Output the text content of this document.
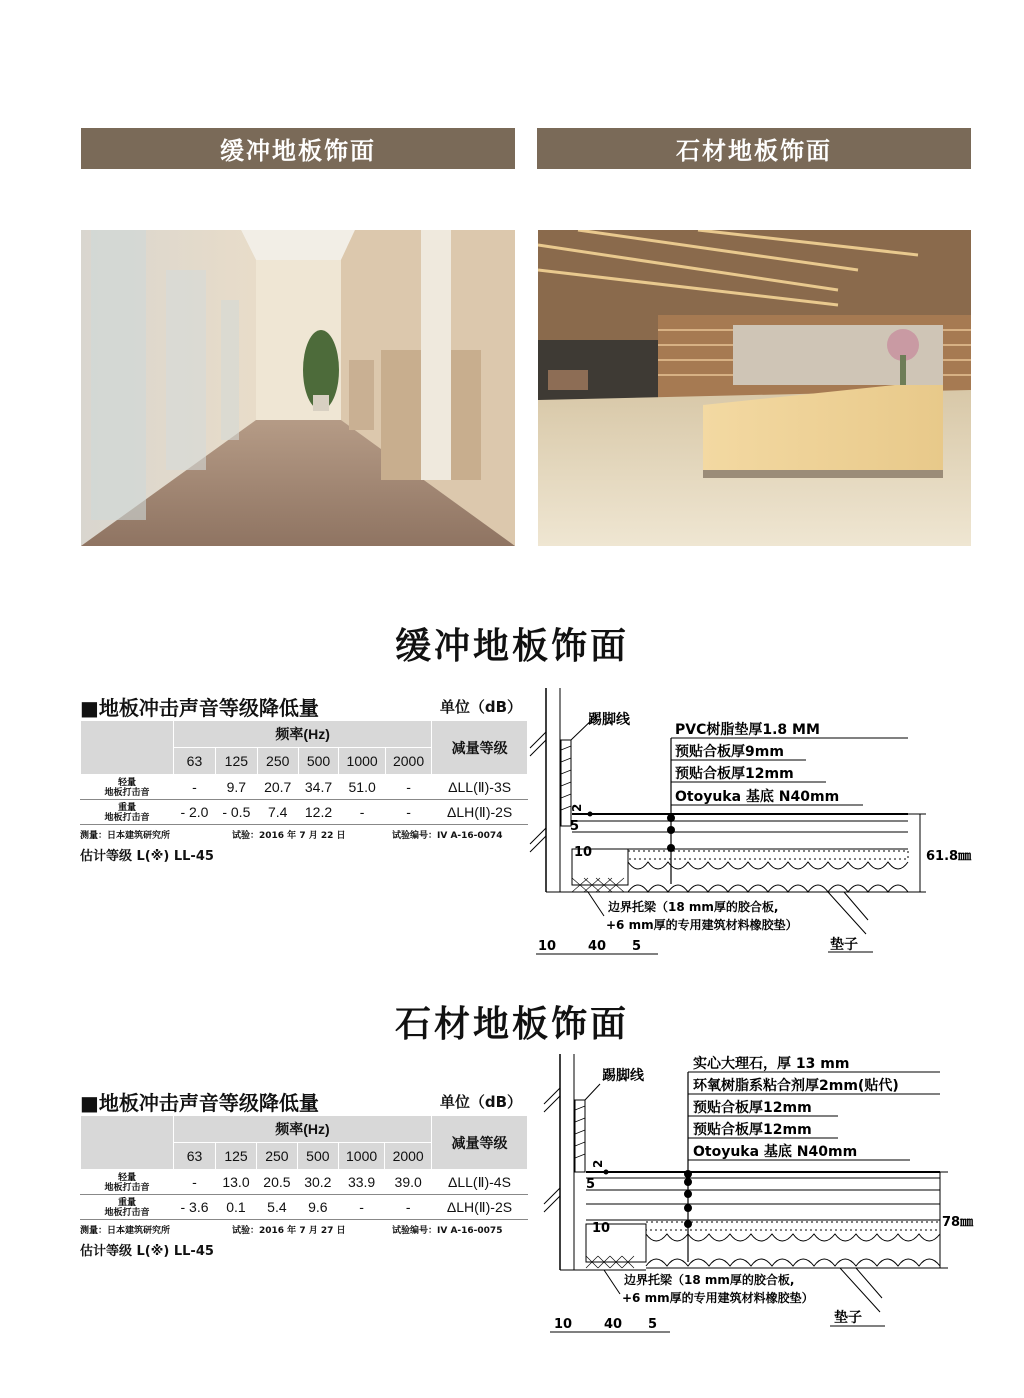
缓冲地板饰面	石材地板饰面
缓冲地板饰面
■地板冲击声音等级降低量	单位（dB）
	频率(Hz)						减量等级
	63	125	250	500	1000	2000	
轻量
地板打击音	-	9.7	20.7	34.7	51.0	-	ΔLL(Ⅱ)-3S
重量
地板打击音	- 2.0	- 0.5	7.4	12.2	-	-	ΔLH(Ⅱ)-2S
测量：日本建筑研究所	试验：2016 年 7 月 22 日	试验编号：IV A-16-0074
估计等级 L(※) LL-45
踢脚线
PVC树脂垫厚1.8 MM
预贴合板厚9mm
预贴合板厚12mm
Otoyuka 基底 N40mm
2
5
10	61.8㎜
边界托梁（18 mm厚的胶合板,
+6 mm厚的专用建筑材料橡胶垫）
垫子
10 40 5
石材地板饰面
■地板冲击声音等级降低量	单位（dB）
	频率(Hz)						减量等级
	63	125	250	500	1000	2000	
轻量
地板打击音	-	13.0	20.5	30.2	33.9	39.0	ΔLL(Ⅱ)-4S
重量
地板打击音	- 3.6	0.1	5.4	9.6	-	-	ΔLH(Ⅱ)-2S
测量：日本建筑研究所	试验：2016 年 7 月 27 日	试验编号：IV A-16-0075
估计等级 L(※) LL-45
踢脚线
实心大理石，厚 13 mm
环氧树脂系粘合剂厚2mm(贴代)
预贴合板厚12mm
预贴合板厚12mm
Otoyuka 基底 N40mm
2
5
10	78㎜
边界托梁（18 mm厚的胶合板,
+6 mm厚的专用建筑材料橡胶垫）
垫子
10 40 5
